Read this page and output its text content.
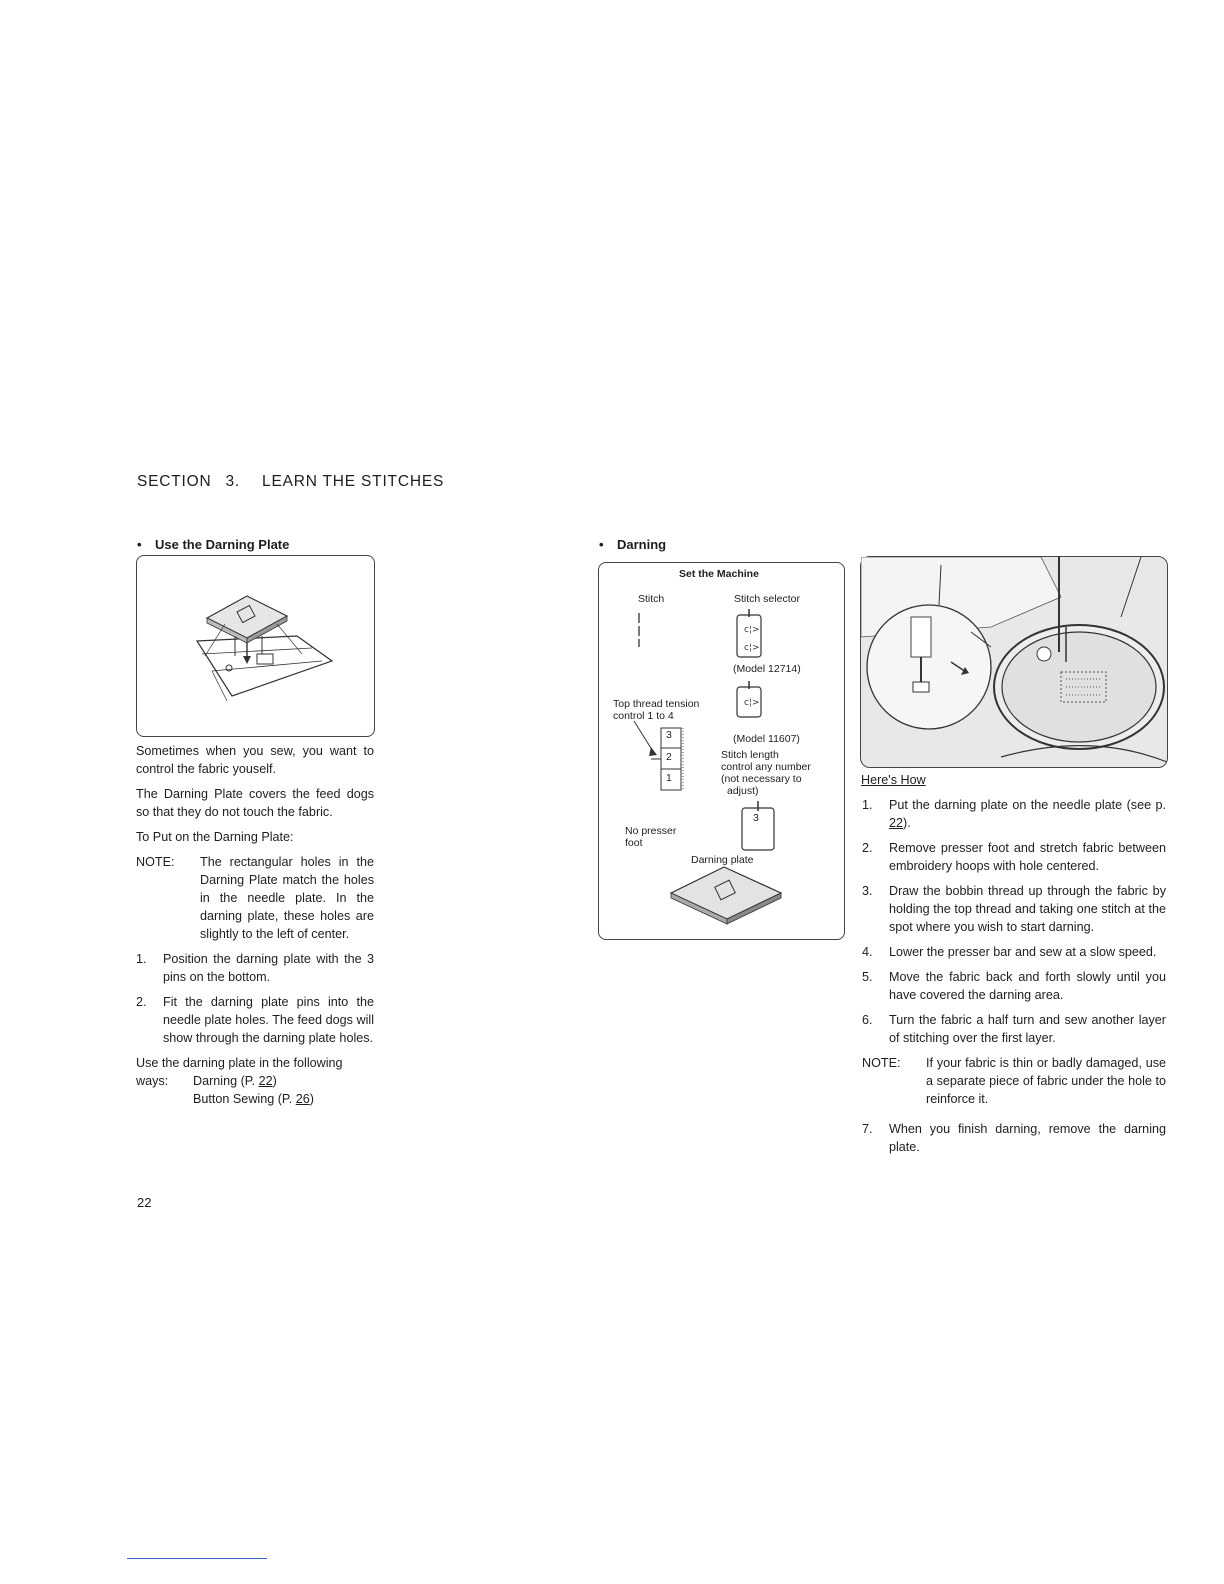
SECTION 3. LEARN THE STITCHES
• Use the Darning Plate

Sometimes when you sew, you want to control the fabric youself.

The Darning Plate covers the feed dogs so that they do not touch the fabric.

To Put on the Darning Plate:

NOTE:	The rectangular holes in the Darning Plate match the holes in the needle plate. In the darning plate, these holes are slightly to the left of center.
1.	Position the darning plate with the 3 pins on the bottom.
2.	Fit the darning plate pins into the needle plate holes. The feed dogs will show through the darning plate holes.
Use the darning plate in the following
ways:	Darning (P. 22)
Button Sewing (P. 26)
• Darning
c¦>
c¦>
c¦>
Set the Machine
Stitch	Stitch selector
(Model 12714)
Top thread tension
control 1 to 4
(Model 11607)
3
2
1
Stitch length
control any number
(not necessary to
adjust)
3
No presser
foot
Darning plate
Here's How
1.	Put the darning plate on the needle plate (see p. 22).
2.	Remove presser foot and stretch fabric between embroidery hoops with hole centered.
3.	Draw the bobbin thread up through the fabric by holding the top thread and taking one stitch at the spot where you wish to start darning.
4.	Lower the presser bar and sew at a slow speed.
5.	Move the fabric back and forth slowly until you have covered the darning area.
6.	Turn the fabric a half turn and sew another layer of stitching over the first layer.
NOTE:	If your fabric is thin or badly damaged, use a separate piece of fabric under the hole to reinforce it.
7.	When you finish darning, remove the darning plate.
22
